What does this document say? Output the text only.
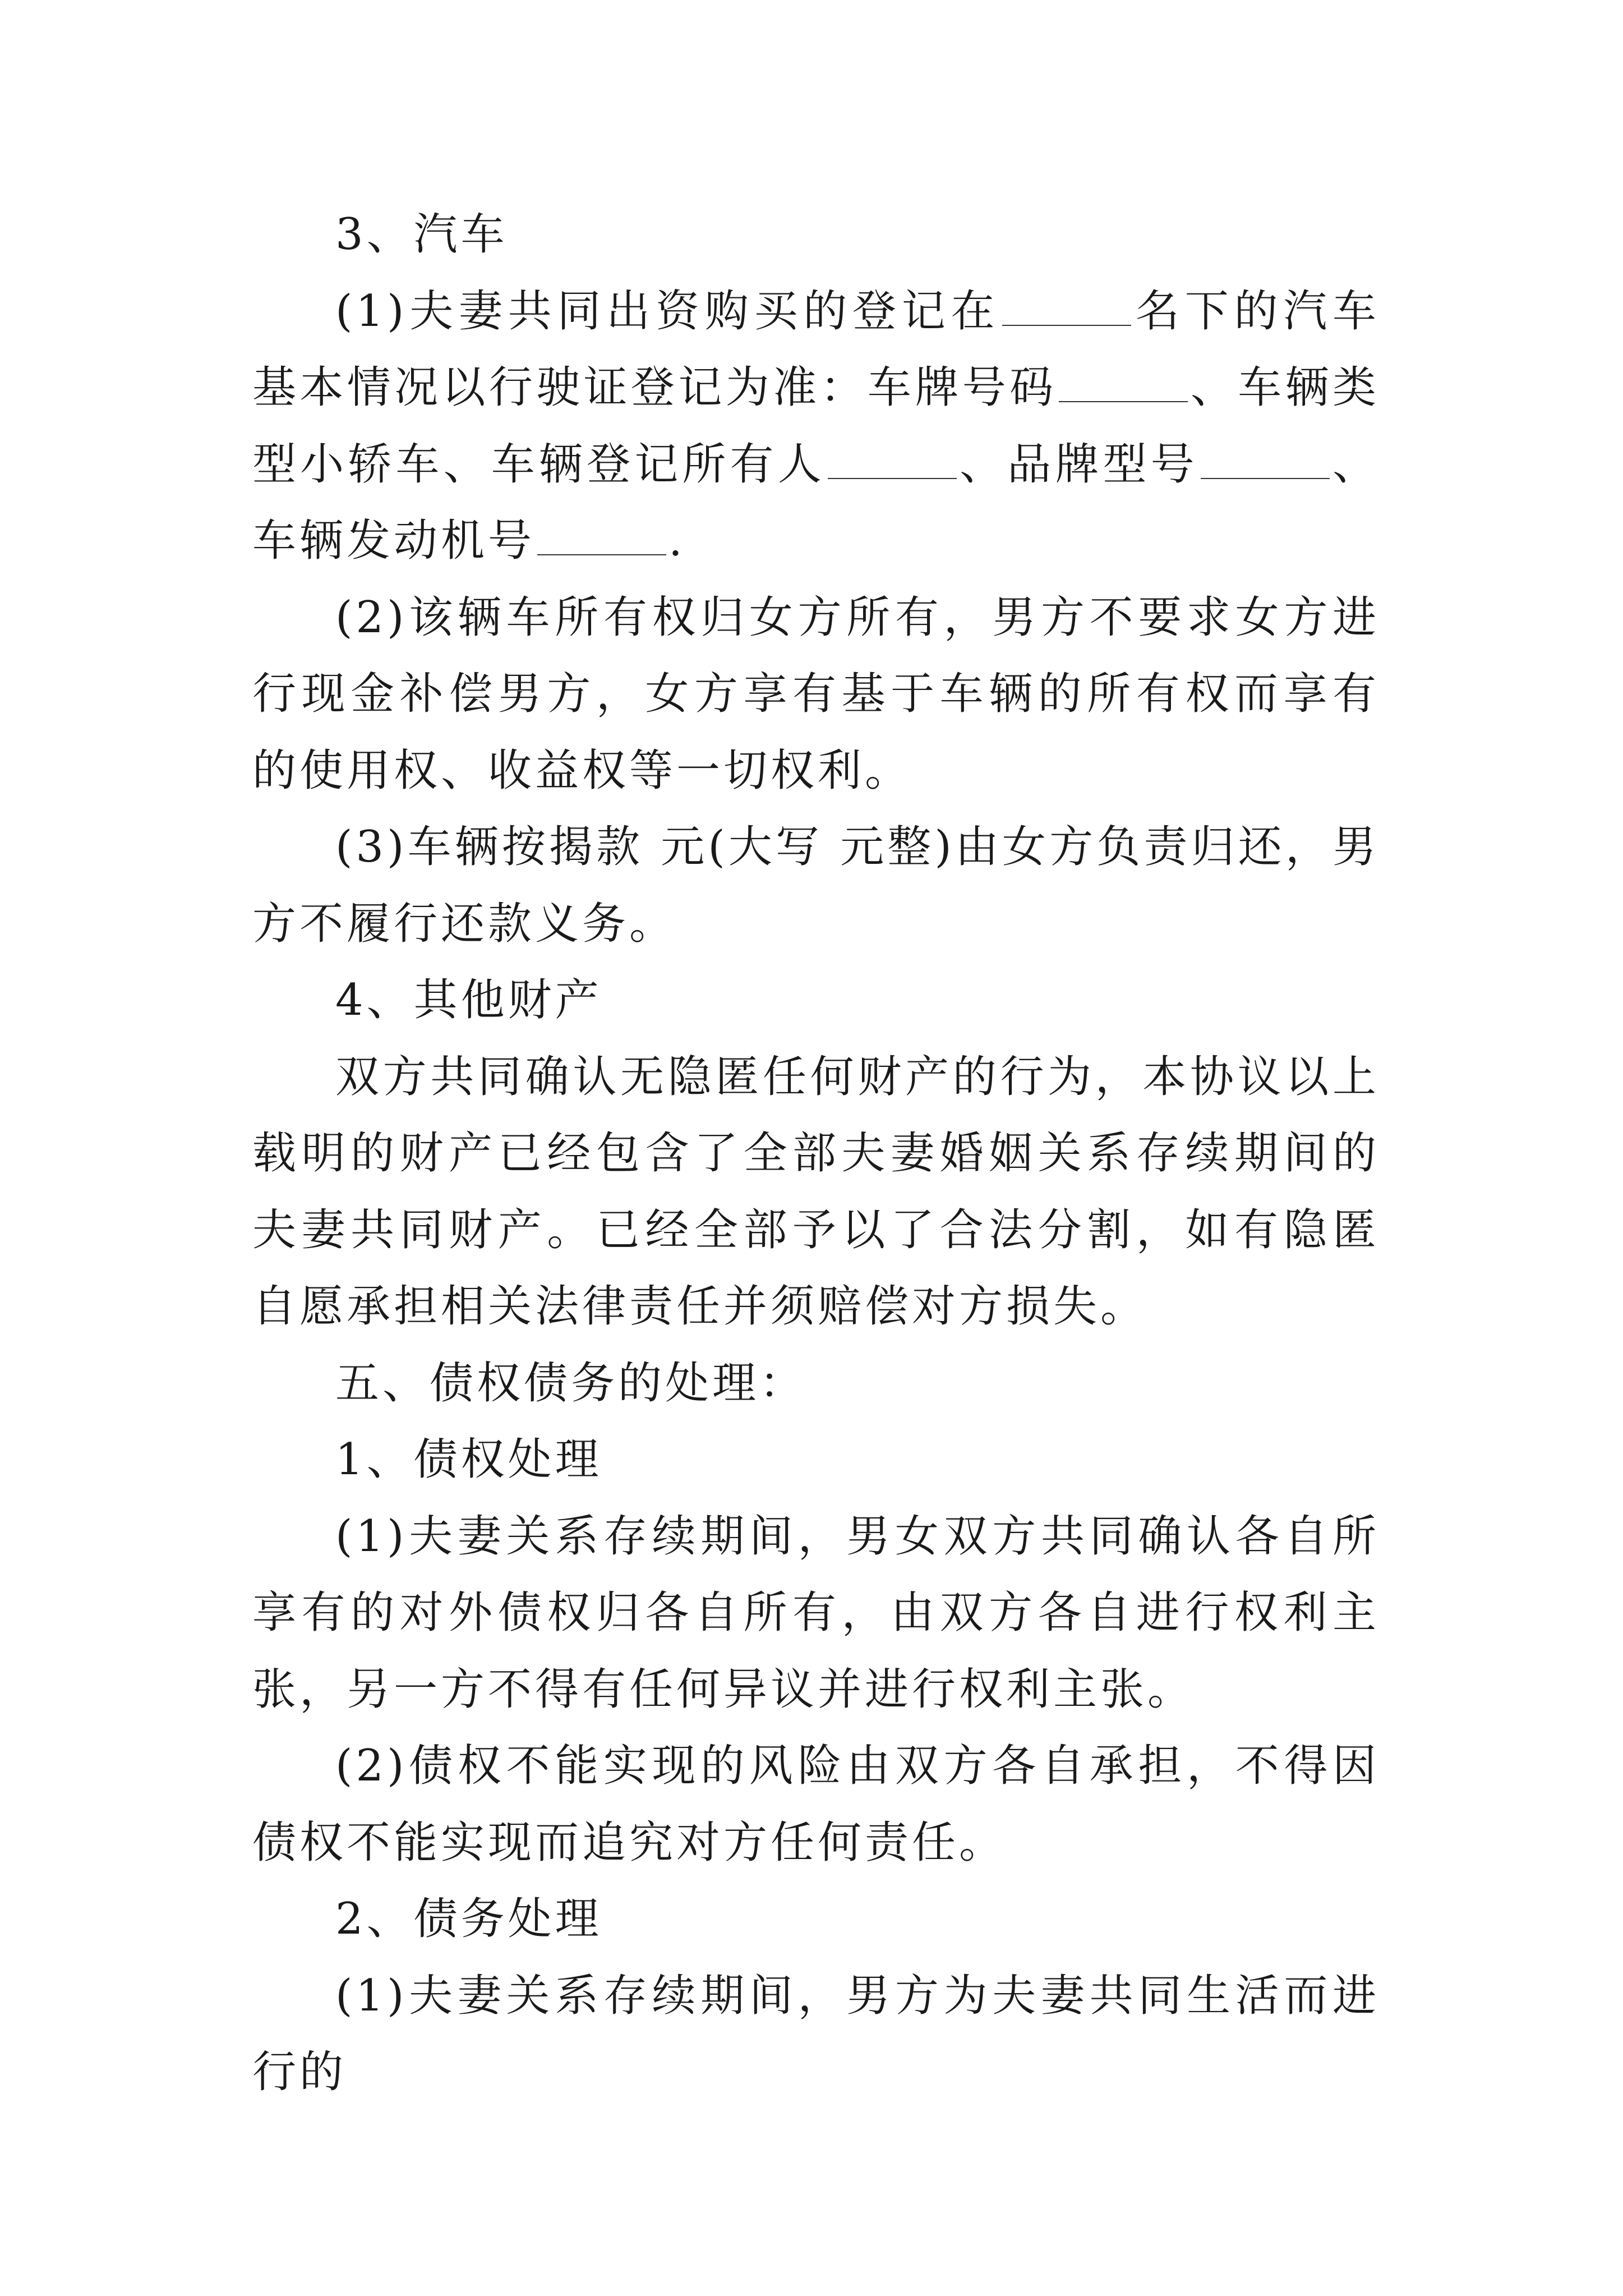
3、汽车

(1)夫妻共同出资购买的登记在	名下的汽车基本情况以行驶证登记为准：车牌号码	、车辆类型小轿车、车辆登记所有人	、品牌型号	、车辆发动机号	.

(2)该辆车所有权归女方所有，男方不要求女方进行现金补偿男方，女方享有基于车辆的所有权而享有的使用权、收益权等一切权利。

(3)车辆按揭款 元(大写 元整)由女方负责归还，男方不履行还款义务。

4、其他财产

双方共同确认无隐匿任何财产的行为，本协议以上载明的财产已经包含了全部夫妻婚姻关系存续期间的夫妻共同财产。已经全部予以了合法分割，如有隐匿自愿承担相关法律责任并须赔偿对方损失。

五、债权债务的处理：

1、债权处理

(1)夫妻关系存续期间，男女双方共同确认各自所享有的对外债权归各自所有，由双方各自进行权利主张，另一方不得有任何异议并进行权利主张。

(2)债权不能实现的风险由双方各自承担，不得因债权不能实现而追究对方任何责任。

2、债务处理

(1)夫妻关系存续期间，男方为夫妻共同生活而进行的
